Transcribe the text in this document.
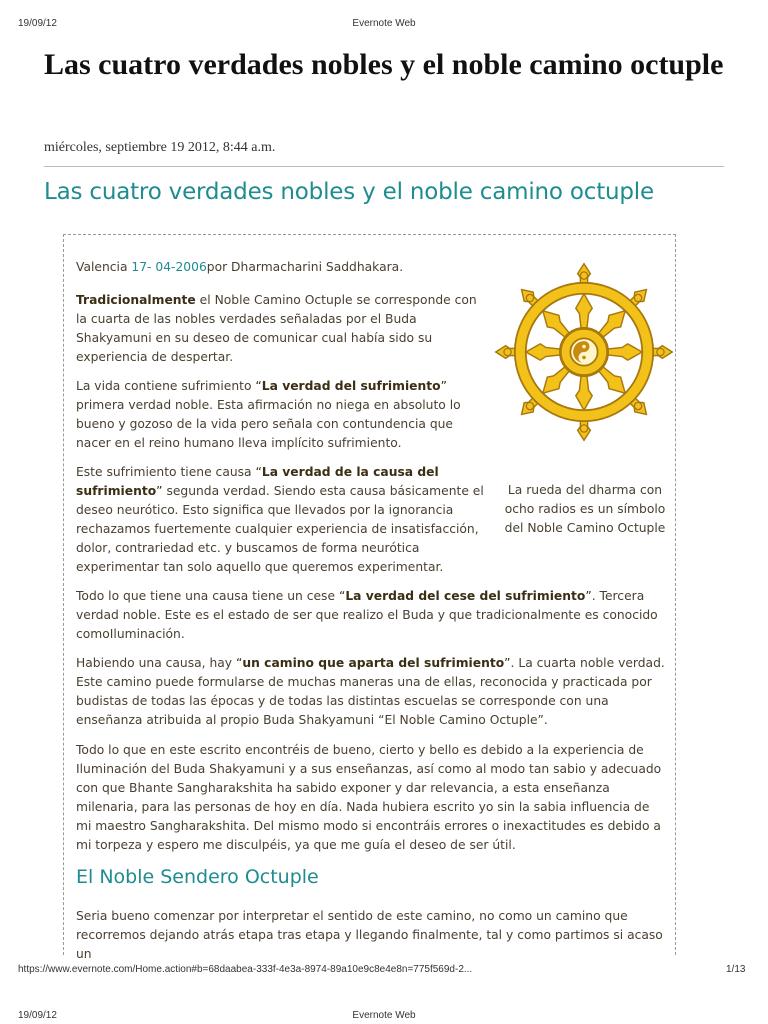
19/09/12	Evernote Web
Las cuatro verdades nobles y el noble camino octuple
miércoles, septiembre 19 2012, 8:44 a.m.
Las cuatro verdades nobles y el noble camino octuple

Valencia 17- 04-2006por Dharmacharini Saddhakara.

Tradicionalmente el Noble Camino Octuple se corresponde con la cuarta de las nobles verdades señaladas por el Buda Shakyamuni en su deseo de comunicar cual había sido su experiencia de despertar.

La vida contiene sufrimiento “La verdad del sufrimiento” primera verdad noble. Esta afirmación no niega en absoluto lo bueno y gozoso de la vida pero señala con contundencia que nacer en el reino humano lleva implícito sufrimiento.

Este sufrimiento tiene causa “La verdad de la causa del sufrimiento” segunda verdad. Siendo esta causa básicamente el deseo neurótico. Esto significa que llevados por la ignorancia rechazamos fuertemente cualquier experiencia de insatisfacción, dolor, contrariedad etc. y buscamos de forma neurótica experimentar tan solo aquello que queremos experimentar.

La rueda del dharma con ocho radios es un símbolo del Noble Camino Octuple

Todo lo que tiene una causa tiene un cese “La verdad del cese del sufrimiento”. Tercera verdad noble. Este es el estado de ser que realizo el Buda y que tradicionalmente es conocido comoIluminación.

Habiendo una causa, hay “un camino que aparta del sufrimiento”. La cuarta noble verdad. Este camino puede formularse de muchas maneras una de ellas, reconocida y practicada por budistas de todas las épocas y de todas las distintas escuelas se corresponde con una enseñanza atribuida al propio Buda Shakyamuni “El Noble Camino Octuple”.

Todo lo que en este escrito encontréis de bueno, cierto y bello es debido a la experiencia de Iluminación del Buda Shakyamuni y a sus enseñanzas, así como al modo tan sabio y adecuado con que Bhante Sangharakshita ha sabido exponer y dar relevancia, a esta enseñanza milenaria, para las personas de hoy en día. Nada hubiera escrito yo sin la sabia influencia de mi maestro Sangharakshita. Del mismo modo si encontráis errores o inexactitudes es debido a mi torpeza y espero me disculpéis, ya que me guía el deseo de ser útil.

El Noble Sendero Octuple

Seria bueno comenzar por interpretar el sentido de este camino, no como un camino que recorremos dejando atrás etapa tras etapa y llegando finalmente, tal y como partimos si acaso un

https://www.evernote.com/Home.action#b=68daabea-333f-4e3a-8974-89a10e9c8e4e8n=775f569d-2...	1/13
19/09/12	Evernote Web
